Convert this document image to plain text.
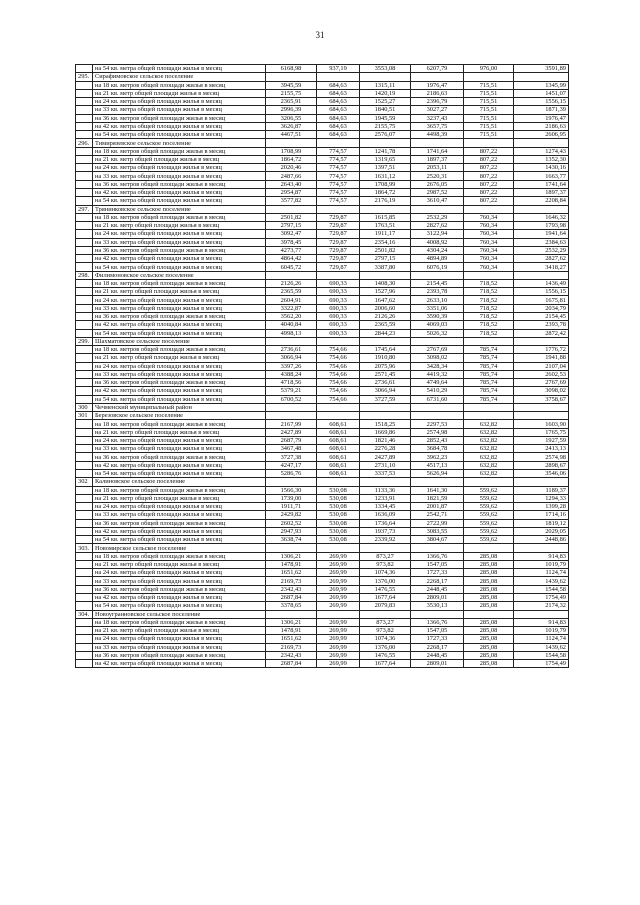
31
	на 54 кв. метра общей площади жилья в месяц	6168,98	937,19	3553,08	6207,79	976,00	3591,89
295.	Сирафимовское сельское поселение						
	на 18 кв. метров общей площади жилья в месяц	3945,59	684,63	1315,11	1976,47	715,51	1345,99
	на 21 кв. метр общей площади жилья в месяц	2155,75	684,63	1420,19	2186,63	715,51	1451,07
	на 24 кв. метра общей площади жилья в месяц	2365,91	684,63	1525,27	2396,79	715,51	1556,15
	на 33 кв. метра общей площади жилья в месяц	2996,39	684,63	1840,51	3027,27	715,51	1871,39
	на 36 кв. метров общей площади жилья в месяц	3206,55	684,63	1945,59	3237,43	715,51	1976,47
	на 42 кв. метра общей площади жилья в месяц	3626,87	684,63	2155,75	3657,75	715,51	2186,63
	на 54 кв. метра общей площади жилья в месяц	4467,51	684,63	2576,07	4498,39	715,51	2606,95
296.	Тимирязевское сельское поселение						
	на 18 кв. метров общей площади жилья в месяц	1708,99	774,57	1241,78	1741,64	807,22	1274,43
	на 21 кв. метр общей площади жилья в месяц	1864,72	774,57	1319,65	1897,37	807,22	1352,30
	на 24 кв. метра общей площади жилья в месяц	2020,46	774,57	1397,51	2053,11	807,22	1430,16
	на 33 кв. метра общей площади жилья в месяц	2487,66	774,57	1631,12	2520,31	807,22	1663,77
	на 36 кв. метров общей площади жилья в месяц	2643,40	774,57	1708,99	2676,05	807,22	1741,64
	на 42 кв. метра общей площади жилья в месяц	2954,87	774,57	1864,72	2987,52	807,22	1897,37
	на 54 кв. метра общей площади жилья в месяц	3577,82	774,57	2176,19	3610,47	807,22	2208,84
297.	Трянинковское сельское поселение						
	на 18 кв. метров общей площади жилья в месяц	2501,82	729,87	1615,85	2532,29	760,34	1646,32
	на 21 кв. метр общей площади жилья в месяц	2797,15	729,87	1763,51	2827,62	760,34	1793,98
	на 24 кв. метра общей площади жилья в месяц	3092,47	729,87	1911,17	3122,94	760,34	1941,64
	на 33 кв. метра общей площади жилья в месяц	3978,45	729,87	2354,16	4008,92	760,34	2384,63
	на 36 кв. метров общей площади жилья в месяц	4273,77	729,87	2501,82	4304,24	760,34	2532,29
	на 42 кв. метра общей площади жилья в месяц	4864,42	729,87	2797,15	4894,89	760,34	2827,62
	на 54 кв. метра общей площади жилья в месяц	6045,72	729,87	3387,80	6076,19	760,34	3418,27
298.	Филимоновское сельское поселение						
	на 18 кв. метров общей площади жилья в месяц	2126,26	690,33	1408,30	2154,45	718,52	1436,49
	на 21 кв. метр общей площади жилья в месяц	2365,59	690,33	1527,96	2393,78	718,52	1556,15
	на 24 кв. метра общей площади жилья в месяц	2604,91	690,33	1647,62	2633,10	718,52	1675,81
	на 33 кв. метра общей площади жилья в месяц	3322,87	690,33	2006,60	3351,06	718,52	2034,79
	на 36 кв. метров общей площади жилья в месяц	3562,20	690,33	2126,26	3590,39	718,52	2154,45
	на 42 кв. метра общей площади жилья в месяц	4040,84	690,33	2365,59	4069,03	718,52	2393,78
	на 54 кв. метра общей площади жилья в месяц	4998,13	690,33	2844,23	5026,32	718,52	2872,42
299.	Шахматовское сельское поселение						
	на 18 кв. метров общей площади жилья в месяц	2736,61	754,66	1745,64	2767,69	785,74	1776,72
	на 21 кв. метр общей площади жилья в месяц	3066,94	754,66	1910,80	3098,02	785,74	1941,88
	на 24 кв. метра общей площади жилья в месяц	3397,26	754,66	2075,96	3428,34	785,74	2107,04
	на 33 кв. метра общей площади жилья в месяц	4388,24	754,66	2571,45	4419,32	785,74	2602,53
	на 36 кв. метров общей площади жилья в месяц	4718,56	754,66	2736,61	4749,64	785,74	2767,69
	на 42 кв. метра общей площади жилья в месяц	5379,21	754,66	3066,94	5410,29	785,74	3098,02
	на 54 кв. метра общей площади жилья в месяц	6700,52	754,66	3727,59	6731,60	785,74	3758,67
300	Чечменский муниципальный район						
301	Березовское сельское поселение						
	на 18 кв. метров общей площади жилья в месяц	2167,99	608,61	1518,25	2297,53	632,82	1603,90
	на 21 кв. метр общей площади жилья в месяц	2427,89	608,61	1669,86	2574,98	632,82	1765,75
	на 24 кв. метра общей площади жилья в месяц	2687,79	608,61	1821,46	2852,43	632,82	1927,59
	на 33 кв. метра общей площади жилья в месяц	3467,48	608,61	2276,28	3684,78	632,82	2413,13
	на 36 кв. метров общей площади жилья в месяц	3727,38	608,61	2427,89	3962,23	632,82	2574,98
	на 42 кв. метра общей площади жилья в месяц	4247,17	608,61	2731,10	4517,13	632,82	2898,67
	на 54 кв. метра общей площади жилья в месяц	5286,76	608,61	3337,53	5626,94	632,82	3546,06
302	Калиновское сельское поселение						
	на 18 кв. метров общей площади жилья в месяц	1566,30	530,08	1133,36	1641,30	559,62	1189,37
	на 21 кв. метр общей площади жилья в месяц	1739,00	530,08	1233,91	1821,59	559,62	1294,33
	на 24 кв. метра общей площади жилья в месяц	1911,71	530,08	1334,45	2001,87	559,62	1399,28
	на 33 кв. метра общей площади жилья в месяц	2429,82	530,08	1636,09	2542,71	559,62	1714,16
	на 36 кв. метров общей площади жилья в месяц	2602,52	530,08	1736,64	2722,99	559,62	1819,12
	на 42 кв. метра общей площади жилья в месяц	2947,93	530,08	1937,73	3083,55	559,62	2029,05
	на 54 кв. метра общей площади жилья в месяц	3638,74	530,08	2339,92	3804,67	559,62	2448,86
303.	Новомирское сельское поселение						
	на 18 кв. метров общей площади жилья в месяц	1306,21	269,99	873,27	1366,76	285,08	914,83
	на 21 кв. метр общей площади жилья в месяц	1478,91	269,99	973,82	1547,05	285,08	1019,79
	на 24 кв. метра общей площади жилья в месяц	1651,62	269,99	1074,36	1727,33	285,08	1124,74
	на 33 кв. метра общей площади жилья в месяц	2169,73	269,99	1376,00	2268,17	285,08	1439,62
	на 36 кв. метров общей площади жилья в месяц	2342,43	269,99	1476,55	2448,45	285,08	1544,58
	на 42 кв. метра общей площади жилья в месяц	2687,84	269,99	1677,64	2809,01	285,08	1754,49
	на 54 кв. метра общей площади жилья в месяц	3378,65	269,99	2079,83	3530,13	285,08	2174,32
304.	Новоугранновское сельское поселение						
	на 18 кв. метров общей площади жилья в месяц	1306,21	269,99	873,27	1366,76	285,08	914,83
	на 21 кв. метр общей площади жилья в месяц	1478,91	269,99	973,82	1547,05	285,08	1019,79
	на 24 кв. метра общей площади жилья в месяц	1651,62	269,99	1074,36	1727,33	285,08	1124,74
	на 33 кв. метра общей площади жилья в месяц	2169,73	269,99	1376,00	2268,17	285,08	1439,62
	на 36 кв. метров общей площади жилья в месяц	2342,43	269,99	1476,55	2448,45	285,08	1544,58
	на 42 кв. метра общей площади жилья в месяц	2687,84	269,99	1677,64	2809,01	285,08	1754,49
